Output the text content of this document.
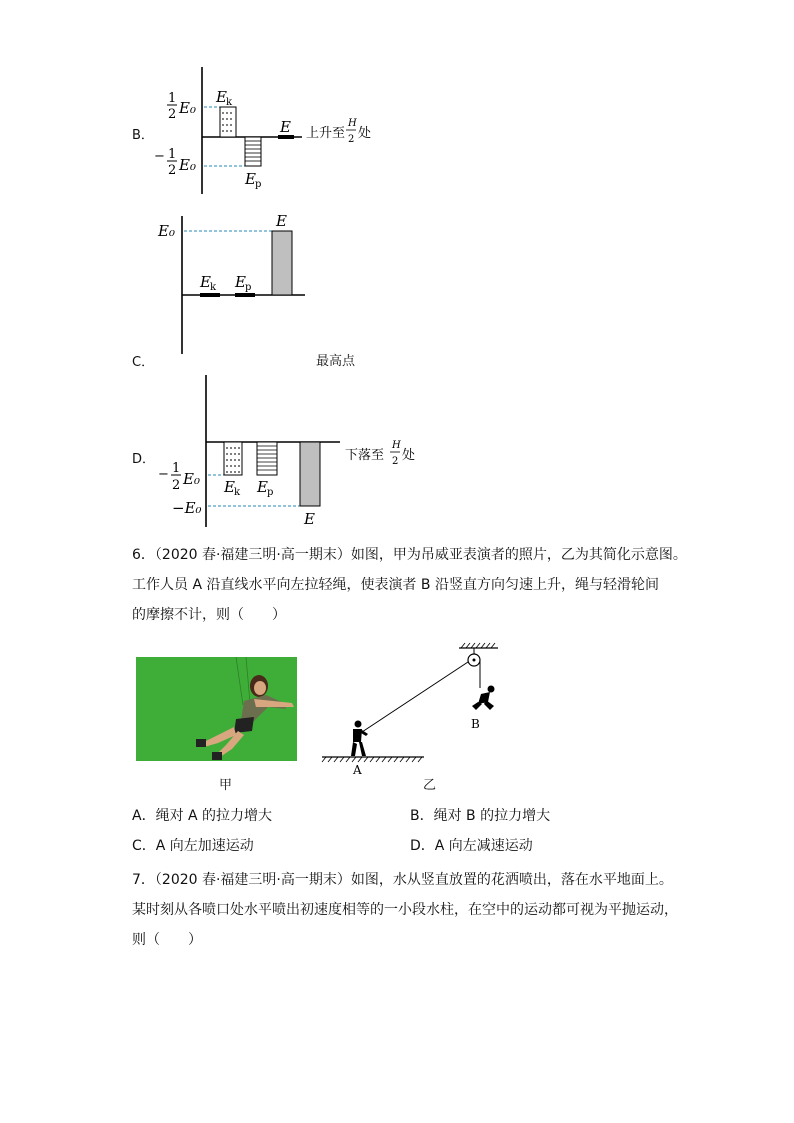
B．
1
2 E₀
− 1
2 E₀
E k
E p
E 上升至
H
2 处
E₀
E k E p
E
C．	最高点
D．
− 1
2 E₀
−E₀
E k E p
E
下落至
H
2 处
6．（2020 春·福建三明·高一期末）如图，甲为吊威亚表演者的照片，乙为其简化示意图。
工作人员 A 沿直线水平向左拉轻绳，使表演者 B 沿竖直方向匀速上升，绳与轻滑轮间
的摩擦不计，则（　　）
甲
B
A
乙
A．绳对 A 的拉力增大	B．绳对 B 的拉力增大
C．A 向左加速运动	D．A 向左减速运动
7．（2020 春·福建三明·高一期末）如图，水从竖直放置的花洒喷出，落在水平地面上。
某时刻从各喷口处水平喷出初速度相等的一小段水柱，在空中的运动都可视为平抛运动，
则（　　）
